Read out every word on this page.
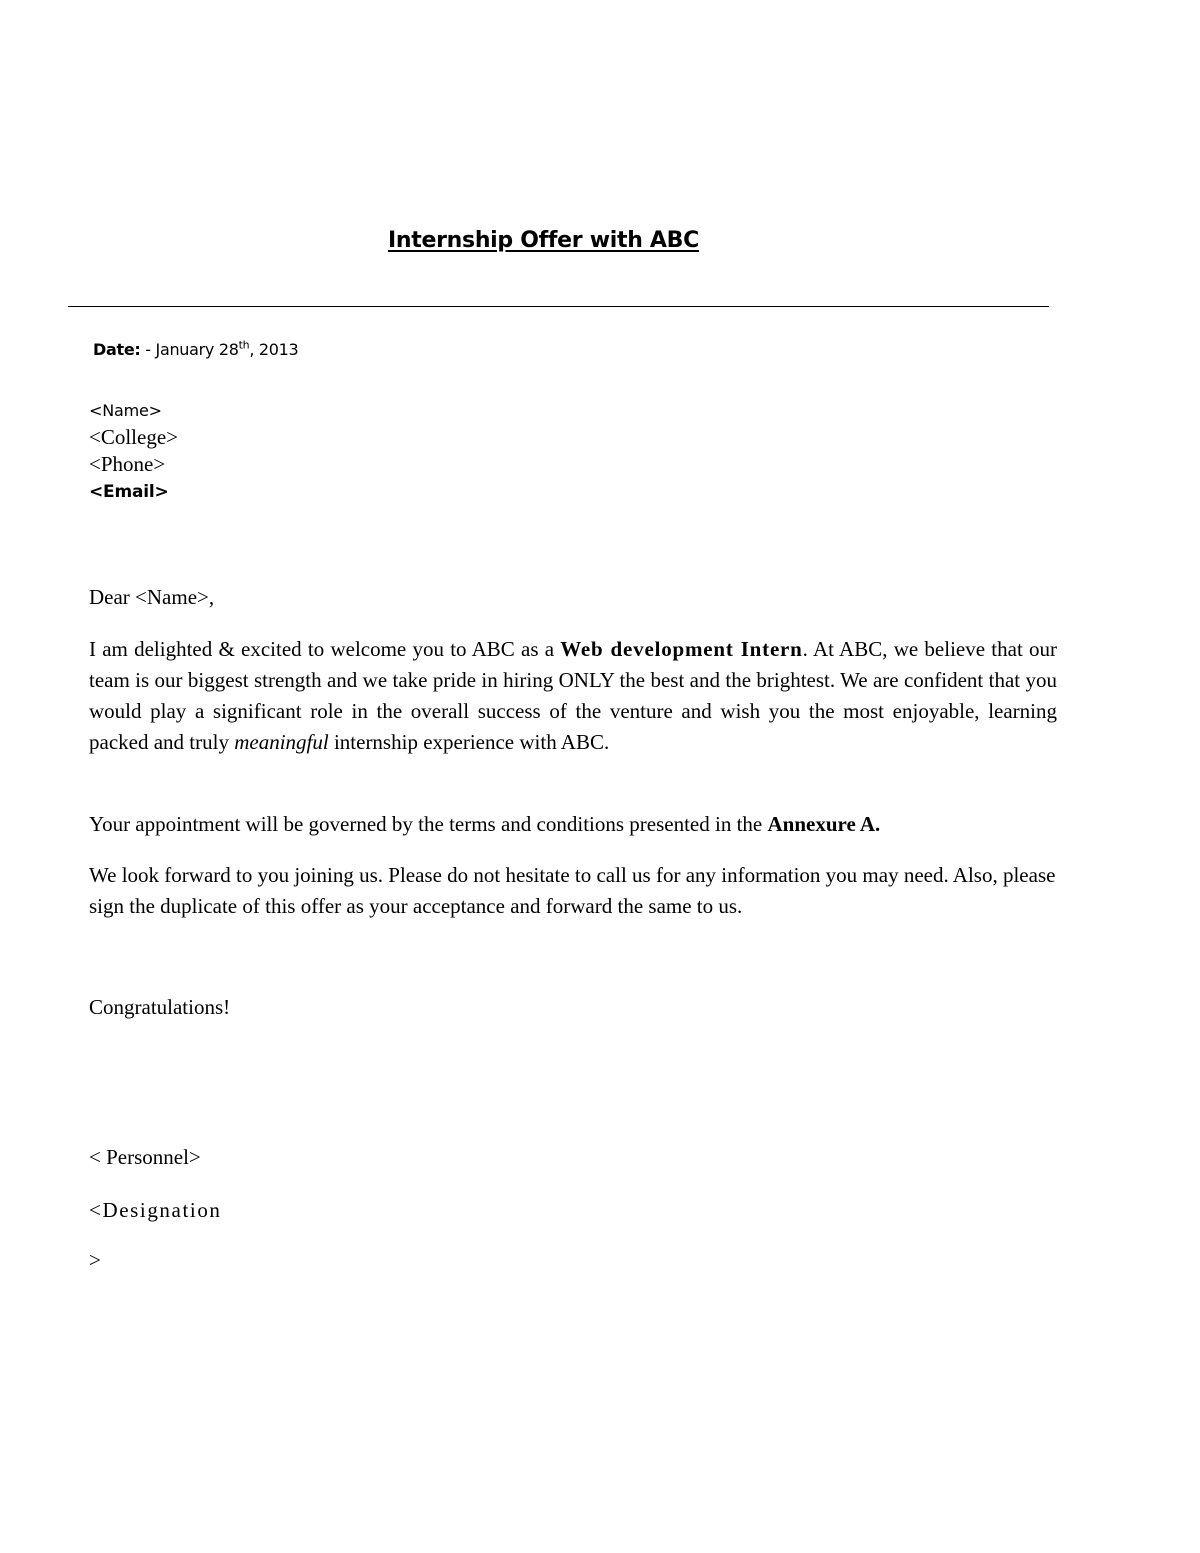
Internship Offer with ABC
Date: - January 28th, 2013
<Name>
<College>
<Phone>
<Email>
Dear <Name>,
I am delighted & excited to welcome you to ABC as a Web development Intern. At ABC, we believe that our team is our biggest strength and we take pride in hiring ONLY the best and the brightest. We are confident that you would play a significant role in the overall success of the venture and wish you the most enjoyable, learning packed and truly meaningful internship experience with ABC.
Your appointment will be governed by the terms and conditions presented in the Annexure A.
We look forward to you joining us. Please do not hesitate to call us for any information you may need. Also, please sign the duplicate of this offer as your acceptance and forward the same to us.
Congratulations!
< Personnel>
<Designation
>
